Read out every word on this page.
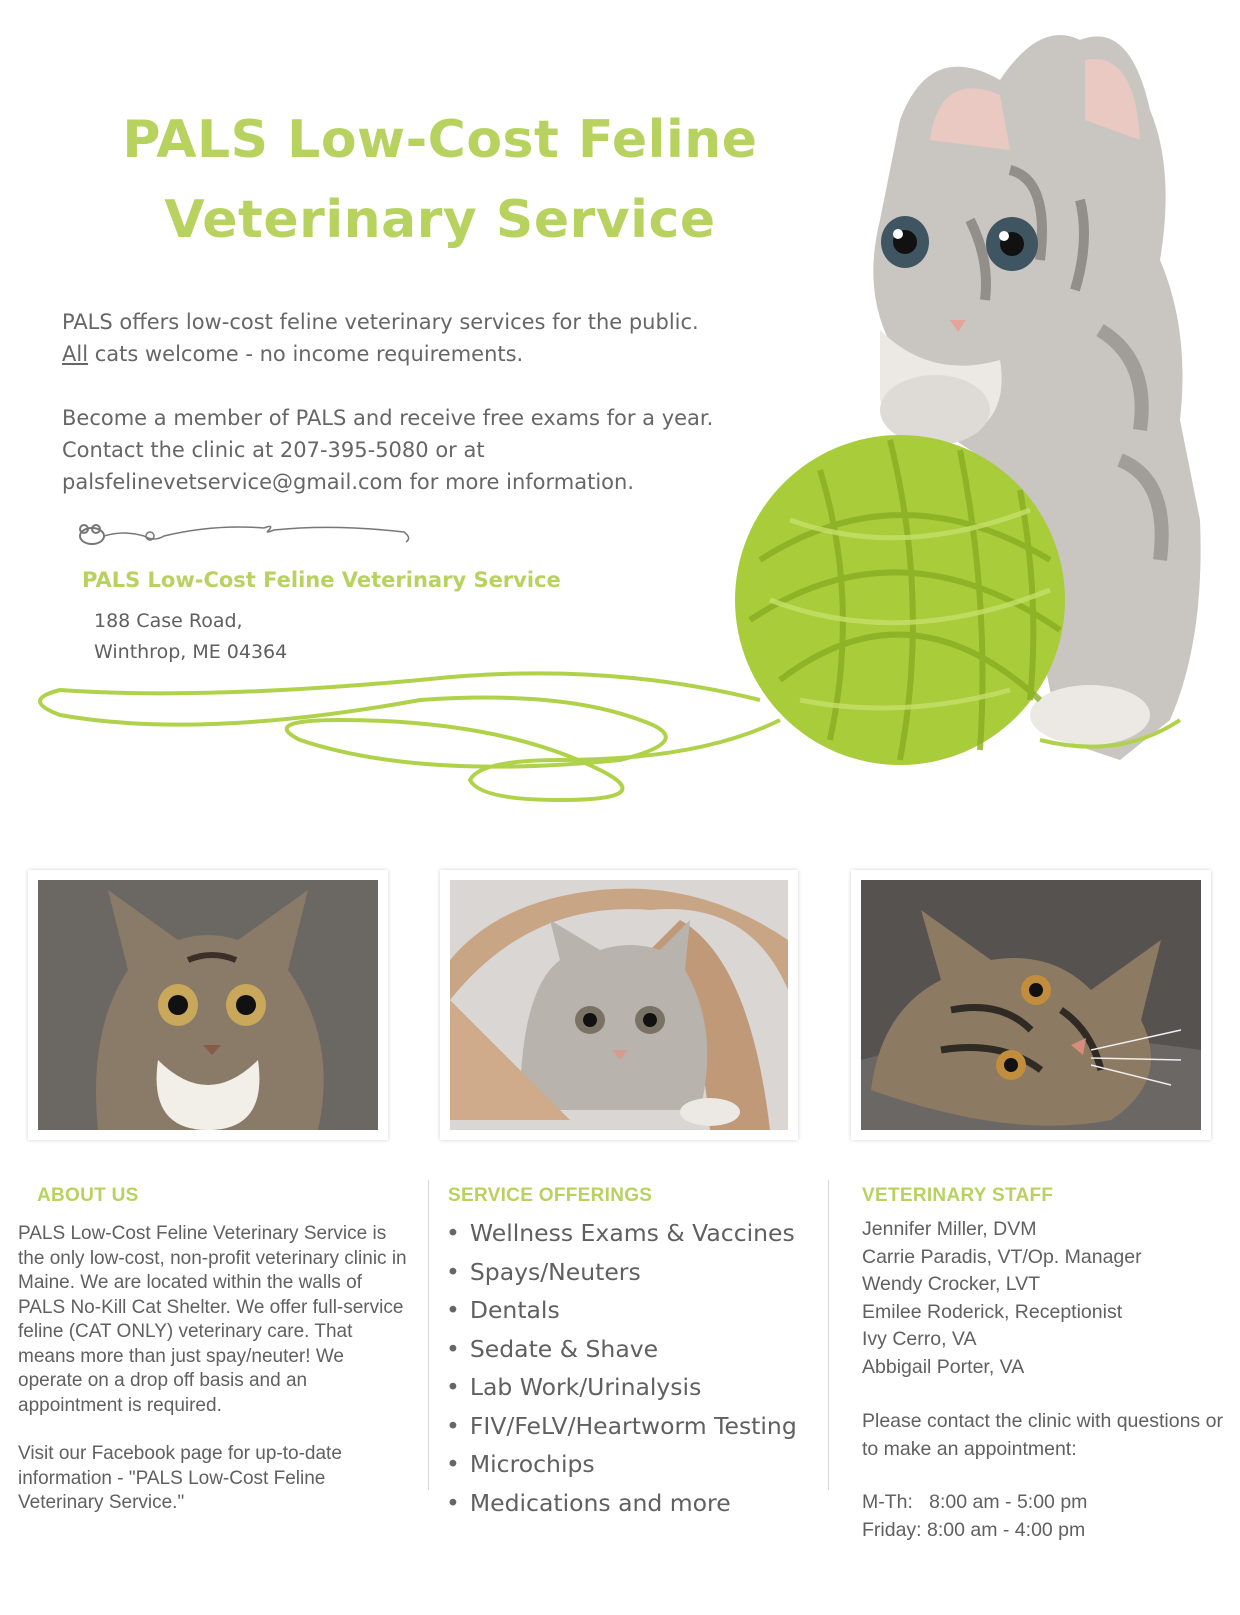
PALS Low-Cost Feline
Veterinary Service

PALS offers low-cost feline veterinary services for the public.

All cats welcome - no income requirements.

Become a member of PALS and receive free exams for a year.

Contact the clinic at 207-395-5080 or at

palsfelinevetservice@gmail.com for more information.

PALS Low-Cost Feline Veterinary Service
188 Case Road,
Winthrop, ME 04364
ABOUT US	SERVICE OFFERINGS	VETERINARY STAFF

PALS Low-Cost Feline Veterinary Service is the only low-cost, non-profit veterinary clinic in Maine. We are located within the walls of PALS No-Kill Cat Shelter. We offer full-service feline (CAT ONLY) veterinary care. That means more than just spay/neuter! We operate on a drop off basis and an appointment is required.

Visit our Facebook page for up-to-date information - "PALS Low-Cost Feline Veterinary Service."

• Wellness Exams & Vaccines
• Spays/Neuters
• Dentals
• Sedate & Shave
• Lab Work/Urinalysis
• FIV/FeLV/Heartworm Testing
• Microchips
• Medications and more
Jennifer Miller, DVM
Carrie Paradis, VT/Op. Manager
Wendy Crocker, LVT
Emilee Roderick, Receptionist
Ivy Cerro, VA
Abbigail Porter, VA

Please contact the clinic with questions or to make an appointment:

M-Th:   8:00 am - 5:00 pm
Friday: 8:00 am - 4:00 pm
